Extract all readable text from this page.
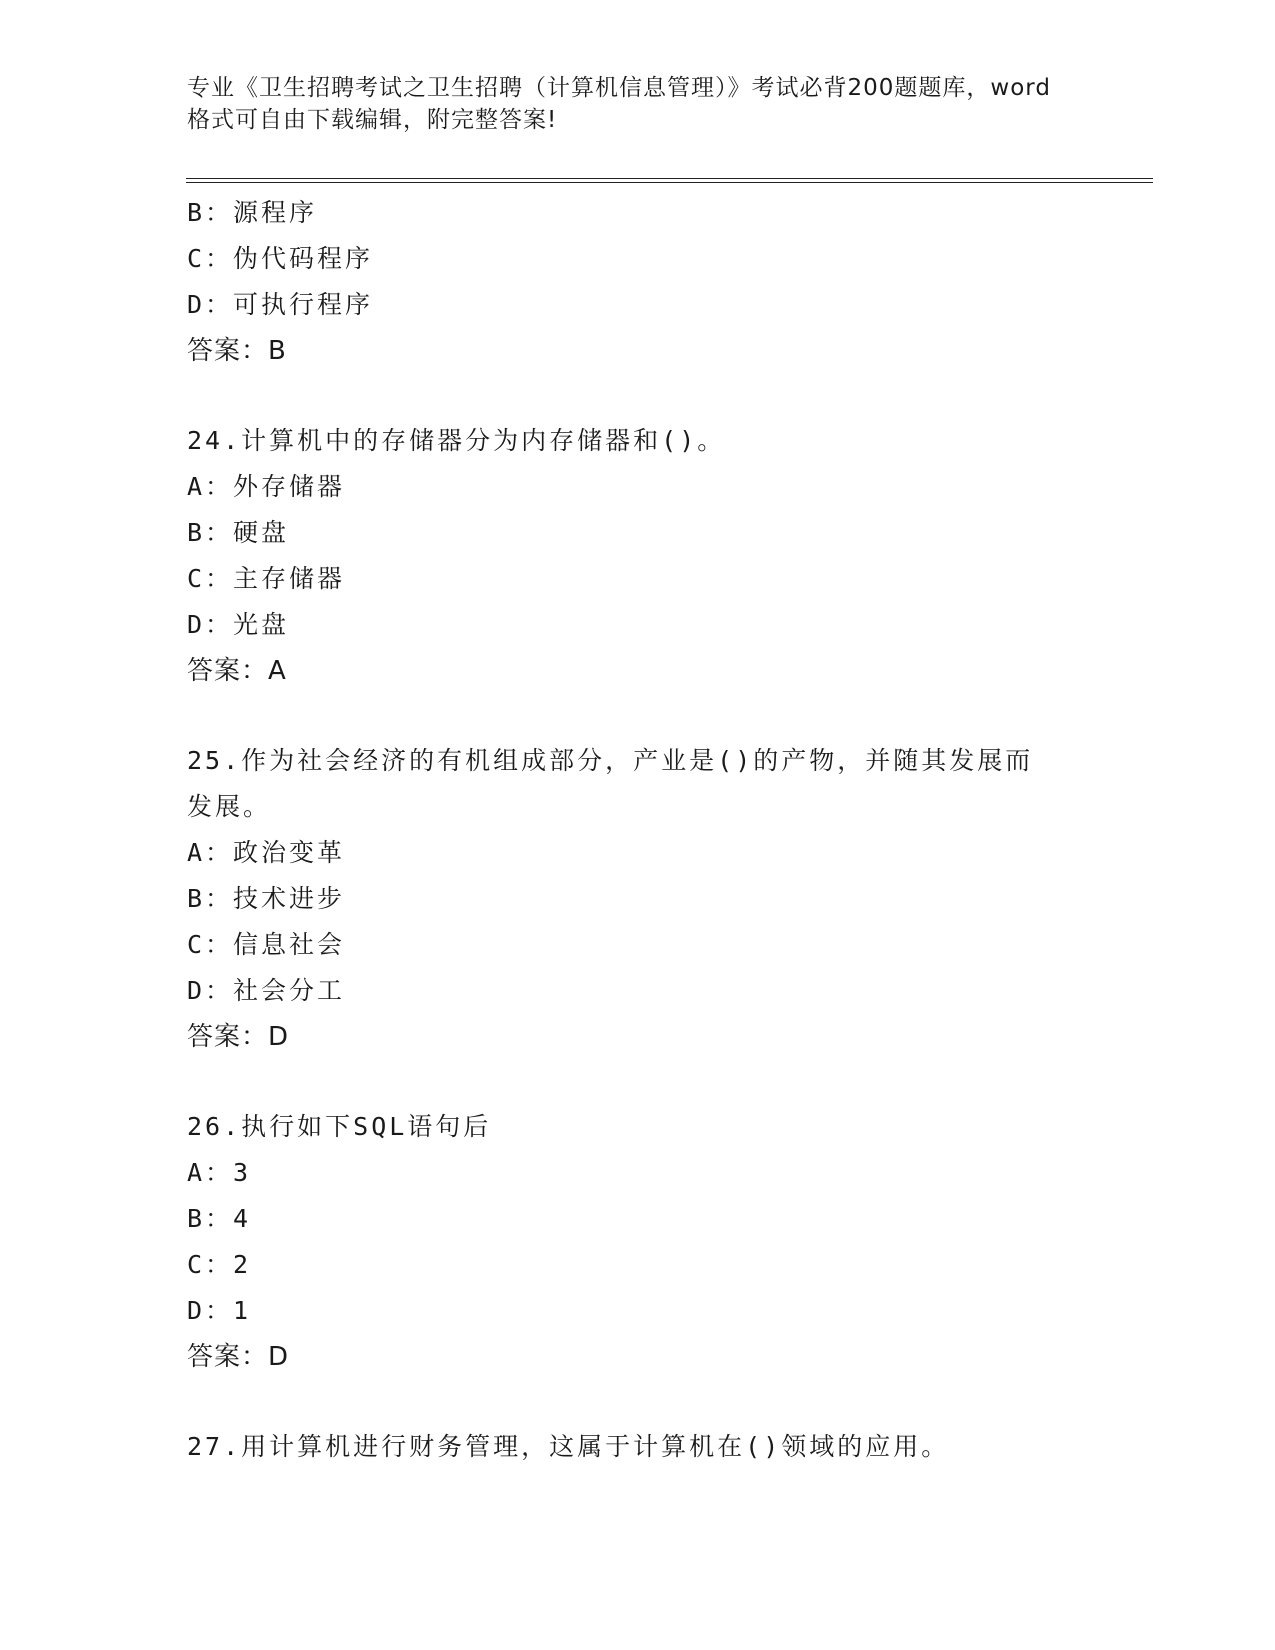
专业《卫生招聘考试之卫生招聘（计算机信息管理）》考试必背200题题库，word
格式可自由下载编辑，附完整答案!
B：源程序
C：伪代码程序
D：可执行程序
答案：B
24.计算机中的存储器分为内存储器和()。
A：外存储器
B：硬盘
C：主存储器
D：光盘
答案：A
25.作为社会经济的有机组成部分，产业是()的产物，并随其发展而发展。
A：政治变革
B：技术进步
C：信息社会
D：社会分工
答案：D
26.执行如下SQL语句后
A：3
B：4
C：2
D：1
答案：D
27.用计算机进行财务管理，这属于计算机在()领域的应用。
